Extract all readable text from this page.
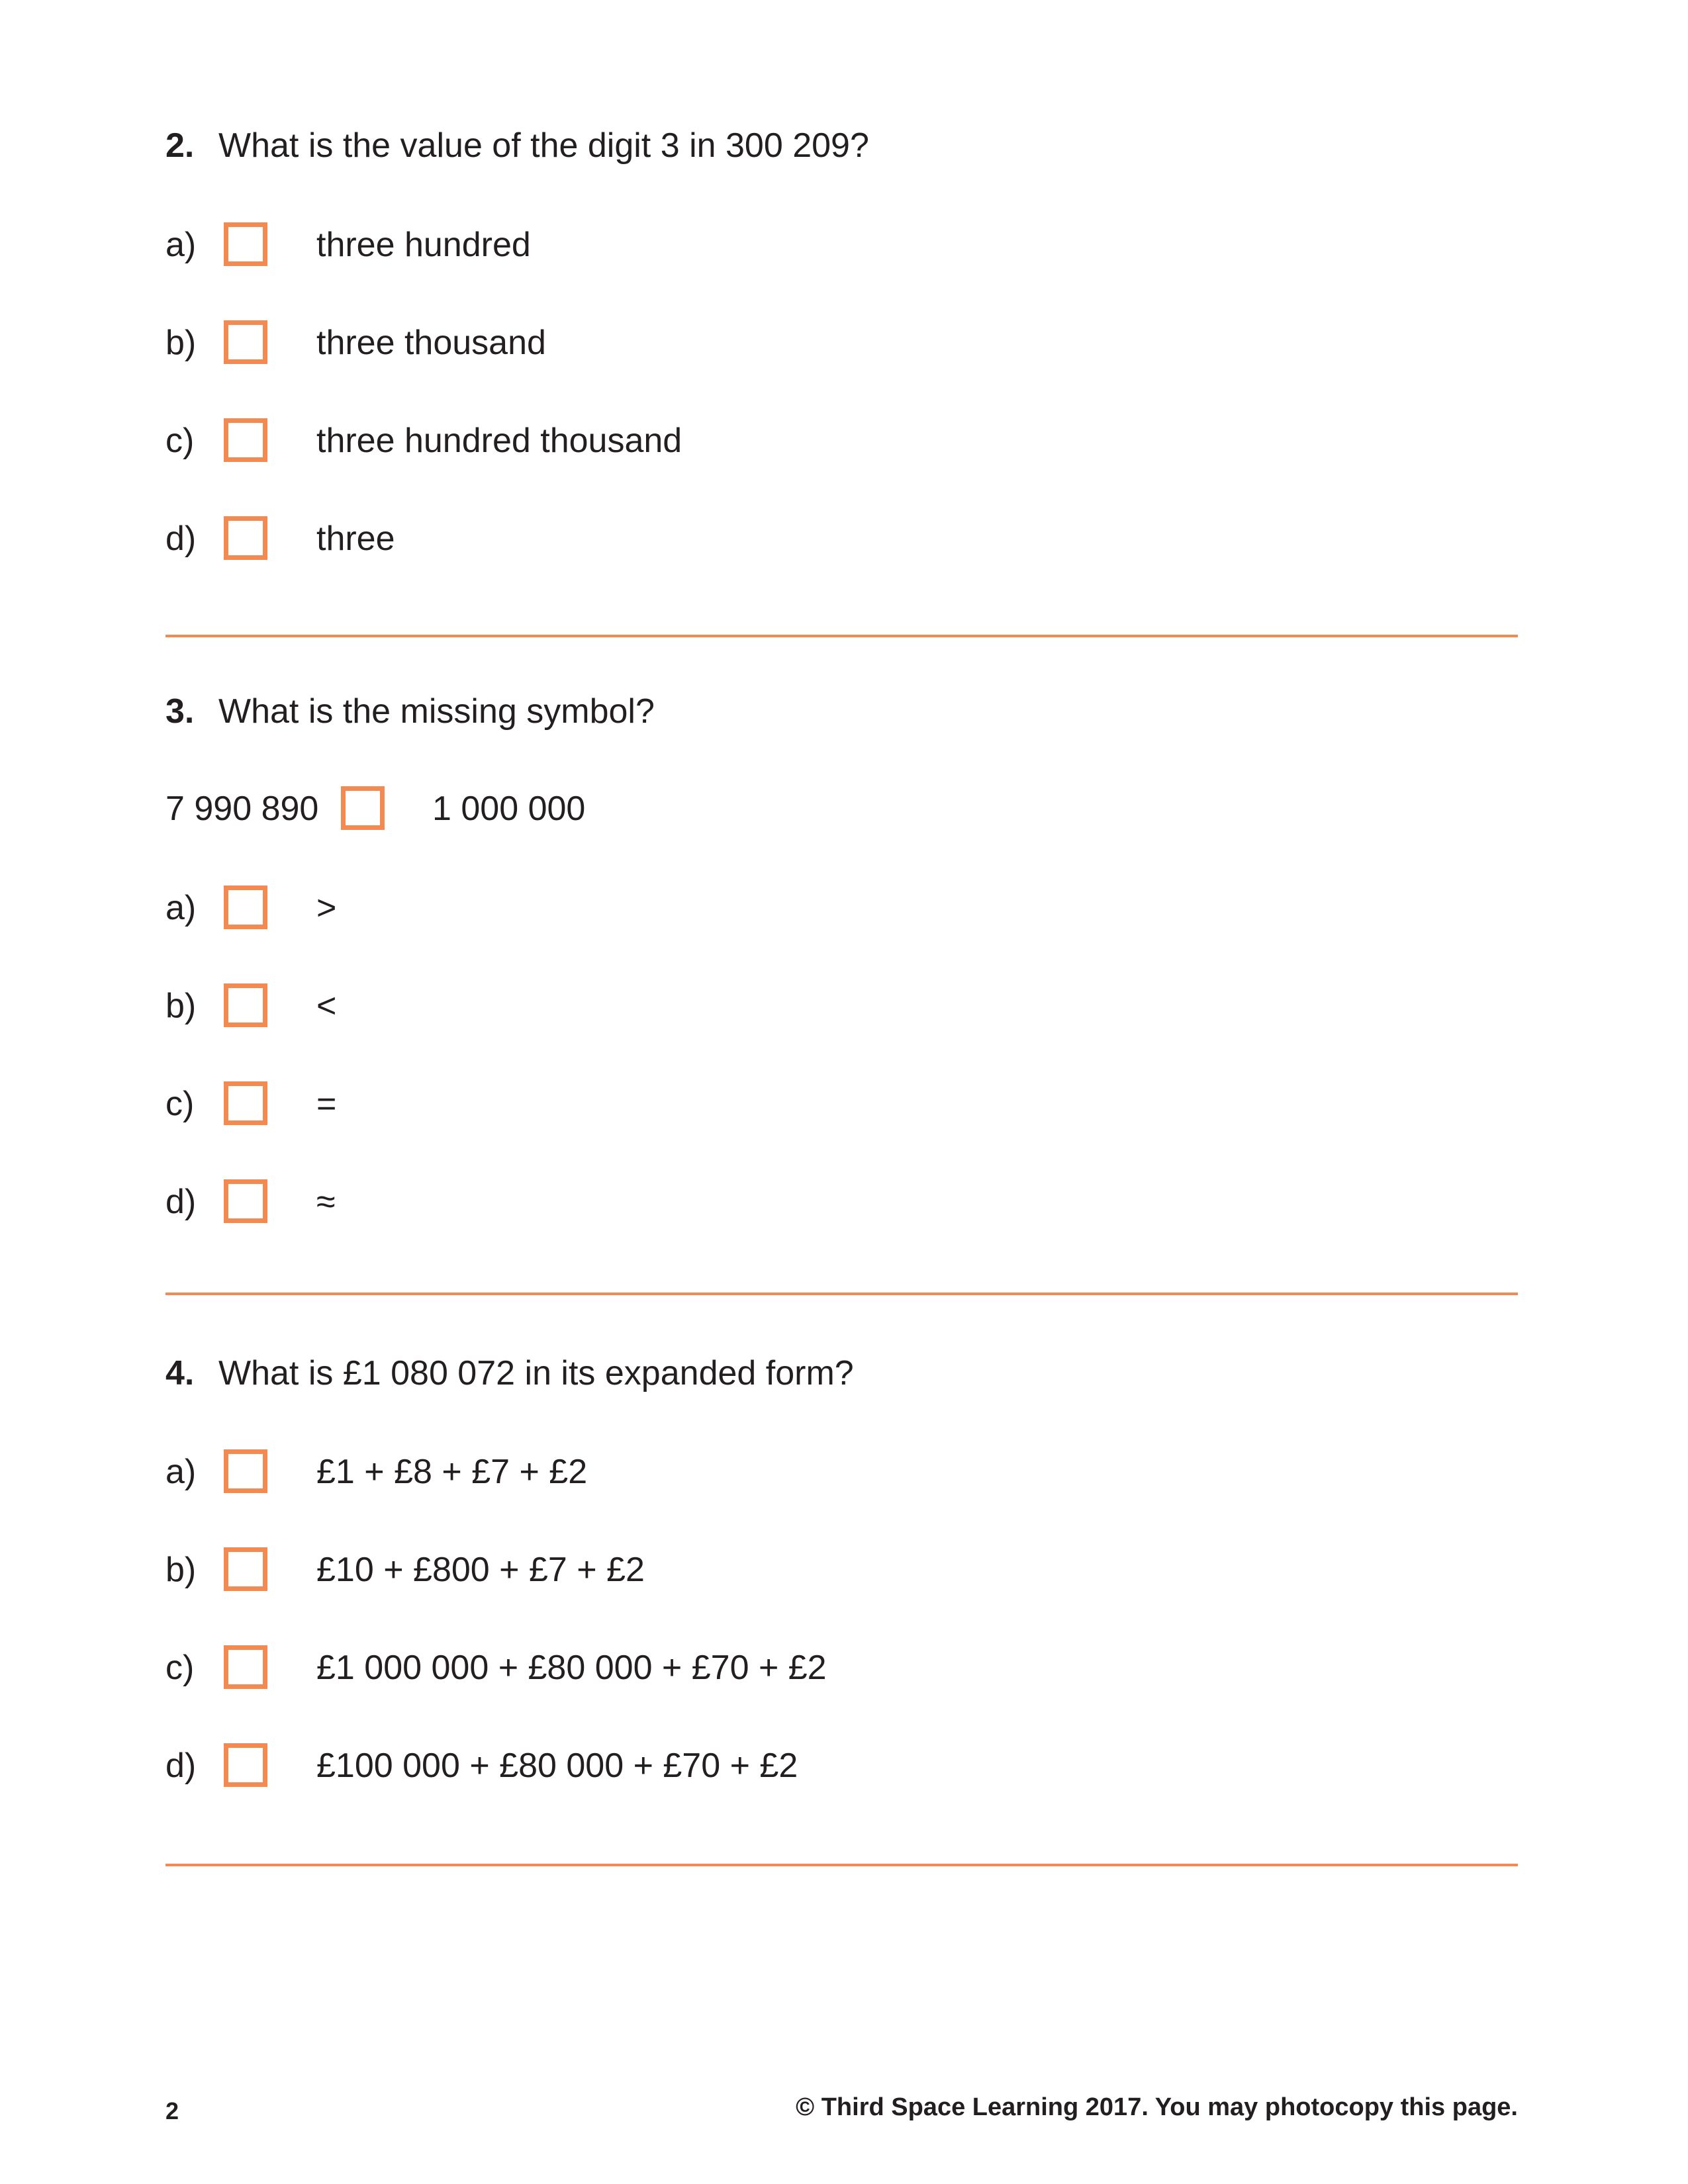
2. What is the value of the digit 3 in 300 209?
a)	three hundred
b)	three thousand
c)	three hundred thousand
d)	three
3. What is the missing symbol?
7 990 890	1 000 000
a)	>
b)	<
c)	=
d)	≈
4. What is £1 080 072 in its expanded form?
a)	£1 + £8 + £7 + £2
b)	£10 + £800 + £7 + £2
c)	£1 000 000 + £80 000 + £70 + £2
d)	£100 000 + £80 000 + £70 + £2
2	© Third Space Learning 2017. You may photocopy this page.
